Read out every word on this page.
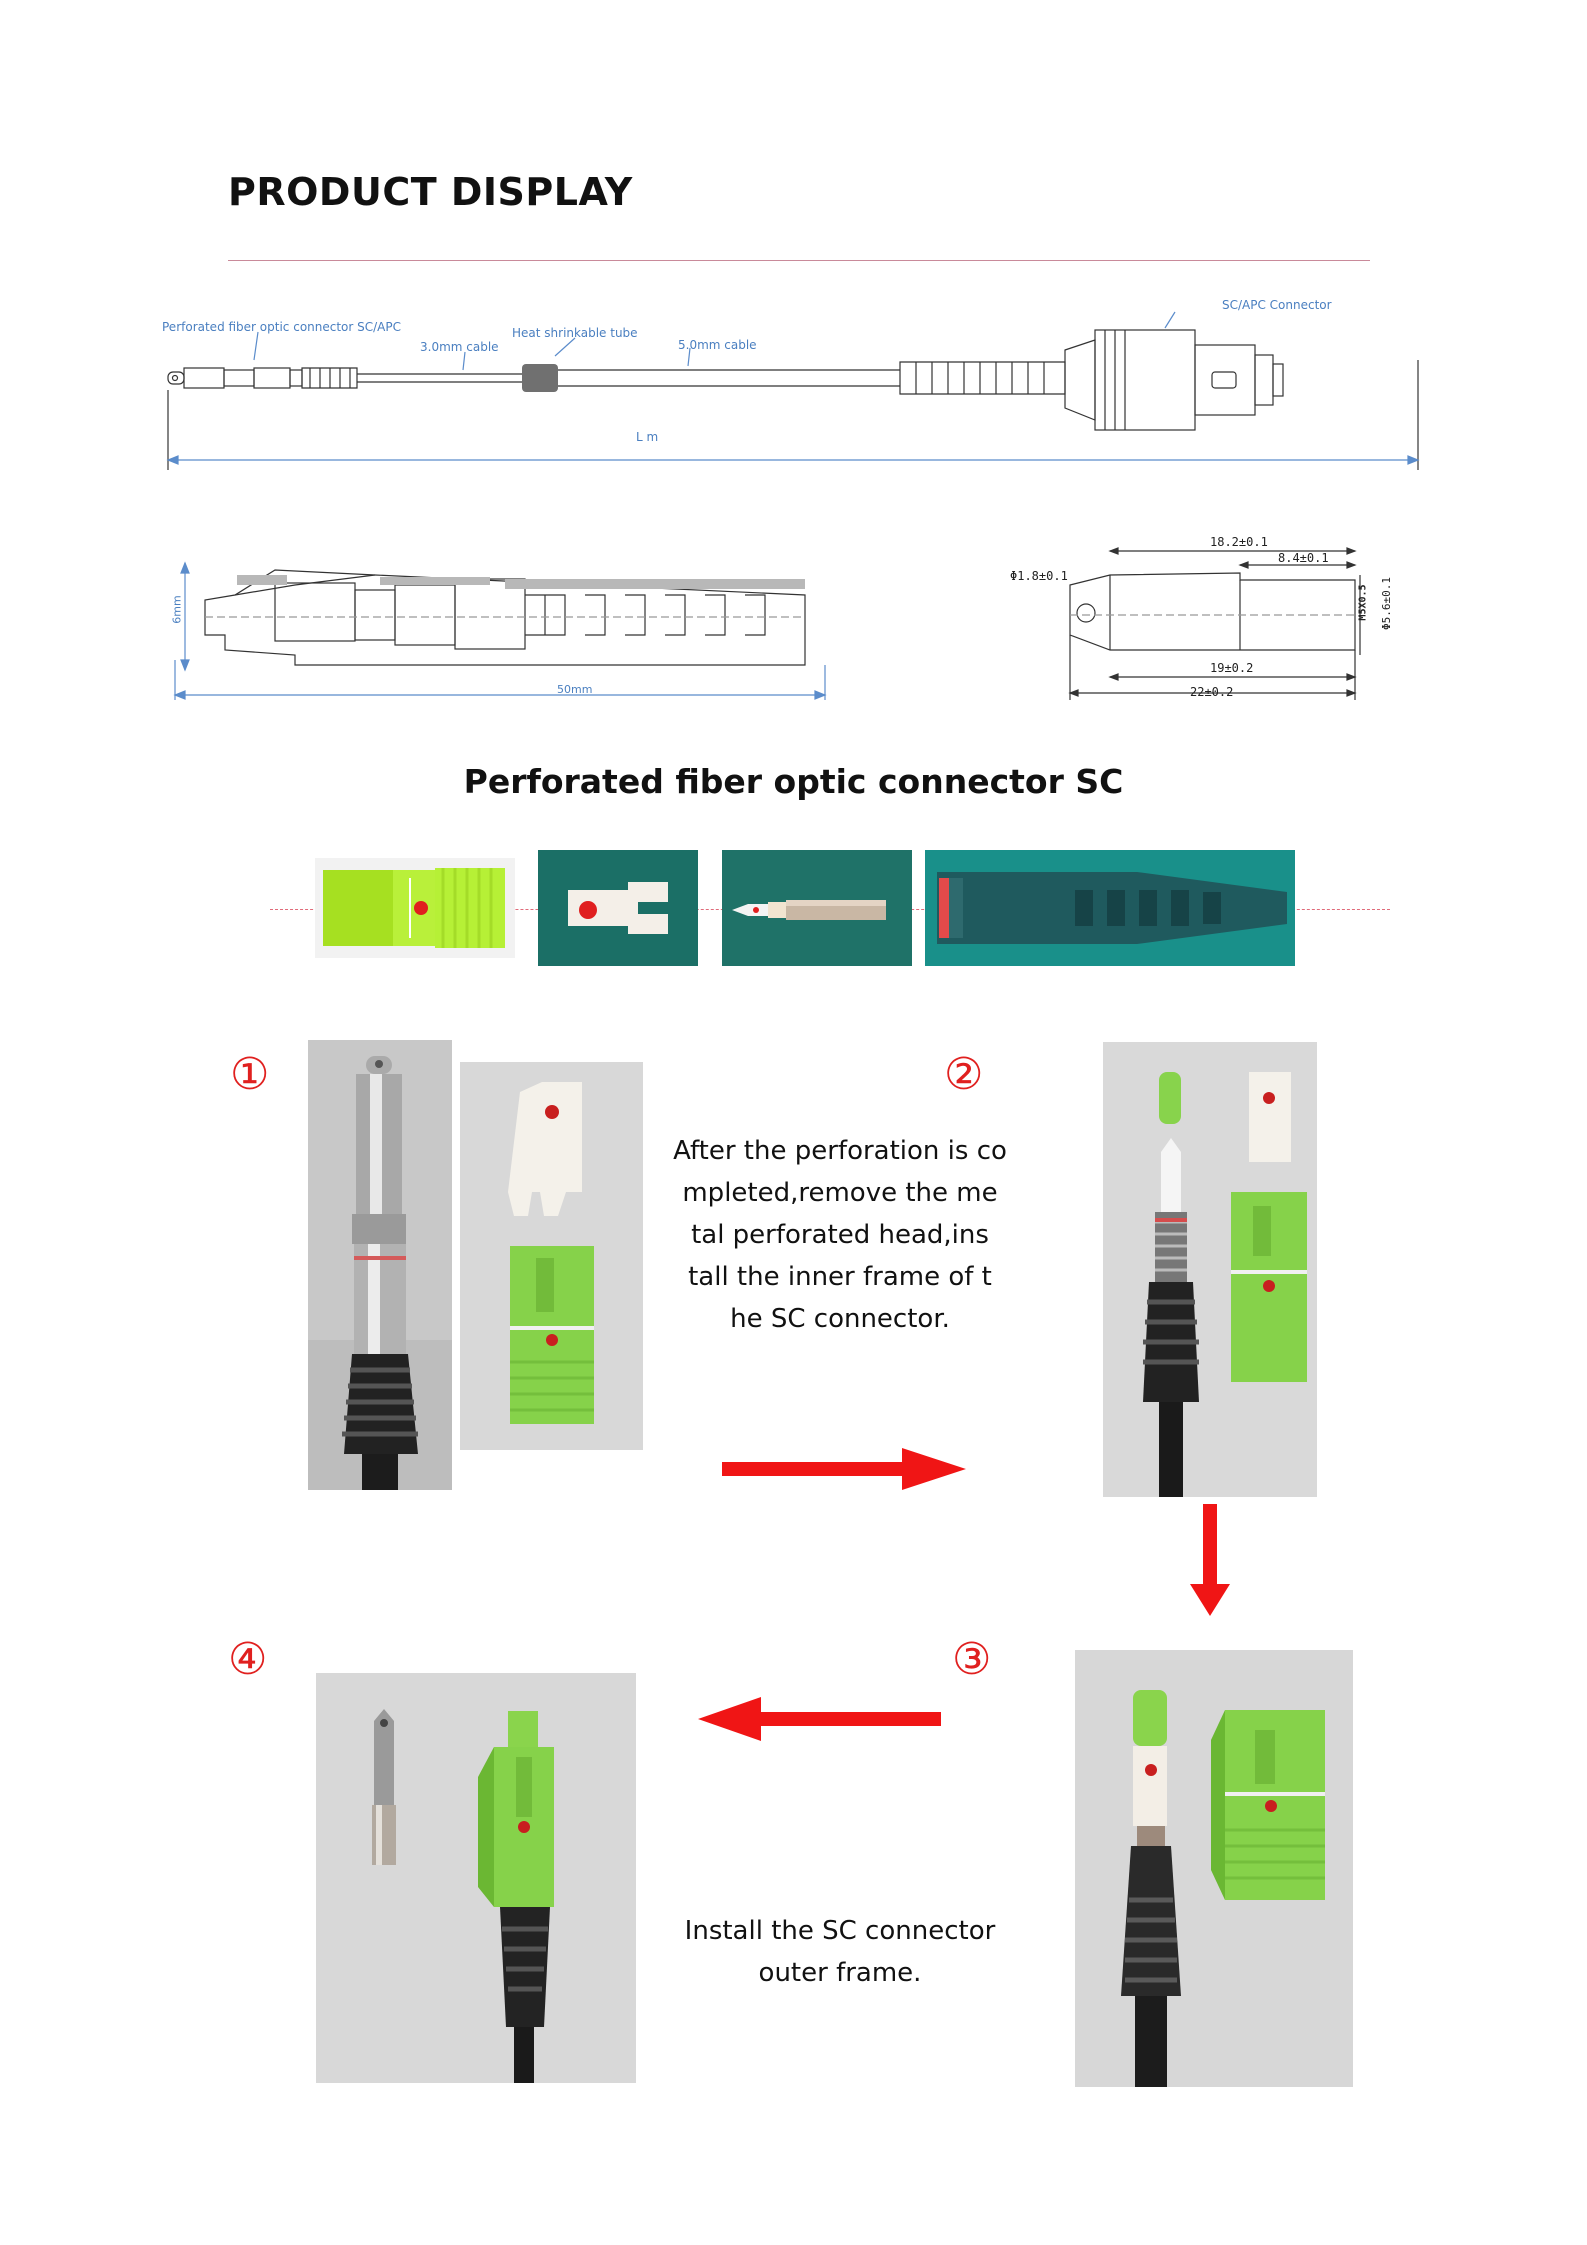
PRODUCT DISPLAY
Perforated fiber optic connector SC/APC
3.0mm cable
Heat shrinkable tube
5.0mm cable
SC/APC Connector
L m
6mm
50mm
18.2±0.1
8.4±0.1
Φ1.8±0.1
M5X0.5 Φ5.6±0.1
19±0.2
22±0.2
Perforated fiber optic connector SC
①	②
After the perforation is co
mpleted,remove the me
tal perforated head,ins
tall the inner frame of t
he SC connector.
③
④
Install the SC connector
outer frame.
